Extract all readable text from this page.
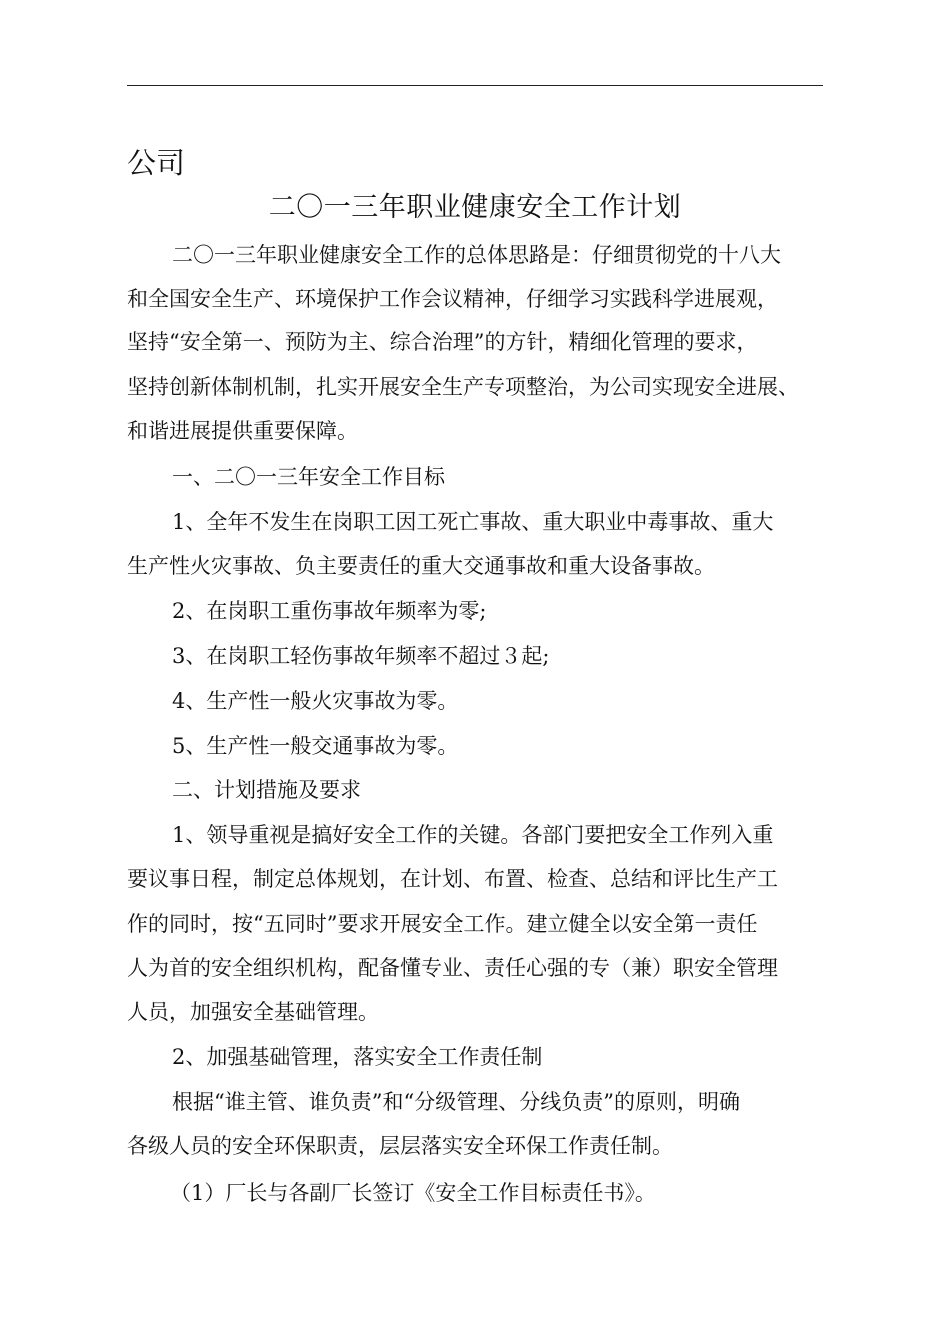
公司
二〇一三年职业健康安全工作计划
二〇一三年职业健康安全工作的总体思路是：仔细贯彻党的十八大
和全国安全生产、环境保护工作会议精神，仔细学习实践科学进展观，
坚持“安全第一、预防为主、综合治理”的方针，精细化管理的要求，
坚持创新体制机制，扎实开展安全生产专项整治，为公司实现安全进展、
和谐进展提供重要保障。
一、二〇一三年安全工作目标
1、全年不发生在岗职工因工死亡事故、重大职业中毒事故、重大
生产性火灾事故、负主要责任的重大交通事故和重大设备事故。
2、在岗职工重伤事故年频率为零;
3、在岗职工轻伤事故年频率不超过３起;
4、生产性一般火灾事故为零。
5、生产性一般交通事故为零。
二、计划措施及要求
1、领导重视是搞好安全工作的关键。各部门要把安全工作列入重
要议事日程，制定总体规划，在计划、布置、检查、总结和评比生产工
作的同时，按“五同时”要求开展安全工作。建立健全以安全第一责任
人为首的安全组织机构，配备懂专业、责任心强的专（兼）职安全管理
人员，加强安全基础管理。
2、加强基础管理，落实安全工作责任制
根据“谁主管、谁负责”和“分级管理、分线负责”的原则，明确
各级人员的安全环保职责，层层落实安全环保工作责任制。
（1）厂长与各副厂长签订《安全工作目标责任书》。
